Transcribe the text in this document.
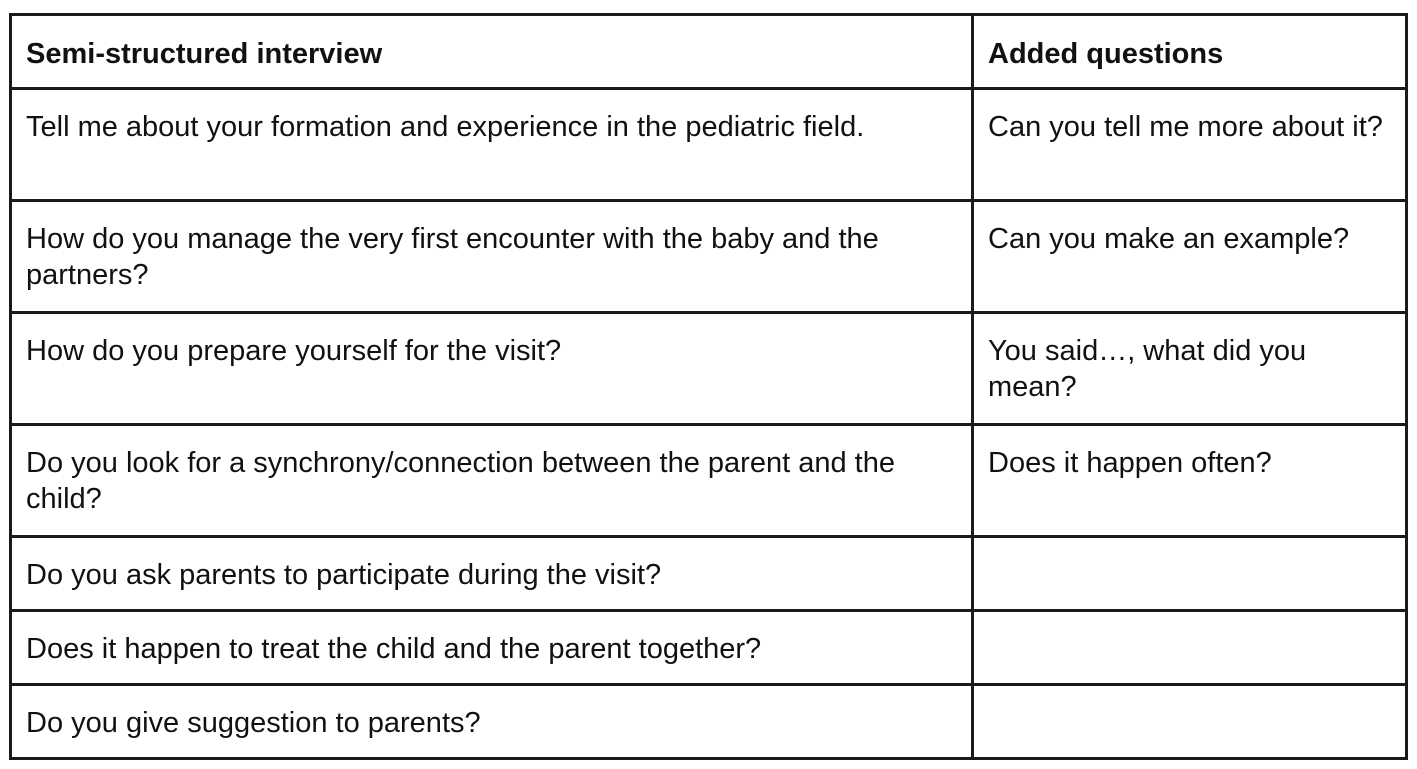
Semi-structured interview	Added questions
Tell me about your formation and experience in the pediatric field.	Can you tell me more about it?
How do you manage the very first encounter with the baby and the partners?	Can you make an example?
How do you prepare yourself for the visit?	You said…, what did you mean?
Do you look for a synchrony/connection between the parent and the child?	Does it happen often?
Do you ask parents to participate during the visit?	
Does it happen to treat the child and the parent together?	
Do you give suggestion to parents?	
